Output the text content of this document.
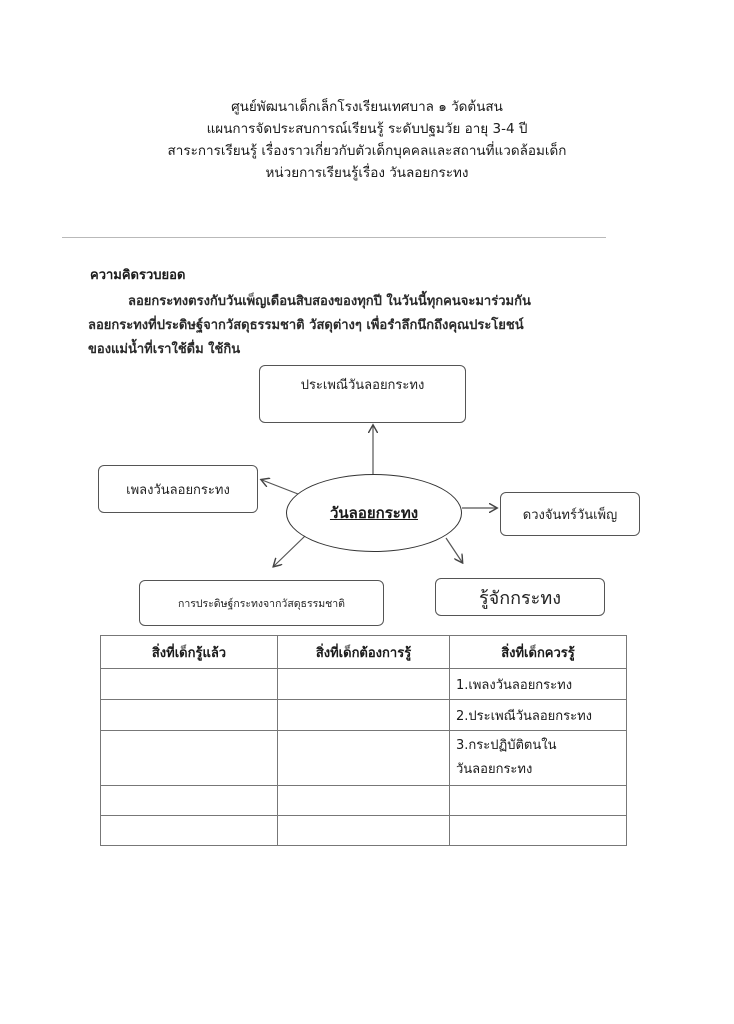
ศูนย์พัฒนาเด็กเล็กโรงเรียนเทศบาล ๑ วัดต้นสน
แผนการจัดประสบการณ์เรียนรู้ ระดับปฐมวัย อายุ 3-4 ปี
สาระการเรียนรู้ เรื่องราวเกี่ยวกับตัวเด็กบุคคลและสถานที่แวดล้อมเด็ก
หน่วยการเรียนรู้เรื่อง วันลอยกระทง
ความคิดรวบยอด
ลอยกระทงตรงกับวันเพ็ญเดือนสิบสองของทุกปี ในวันนี้ทุกคนจะมาร่วมกัน
ลอยกระทงที่ประดิษฐ์จากวัสดุธรรมชาติ วัสดุต่างๆ เพื่อรำลึกนึกถึงคุณประโยชน์
ของแม่น้ำที่เราใช้ดื่ม ใช้กิน
ประเพณีวันลอยกระทง
เพลงวันลอยกระทง
วันลอยกระทง	ดวงจันทร์วันเพ็ญ
การประดิษฐ์กระทงจากวัสดุธรรมชาติ	รู้จักกระทง
สิ่งที่เด็กรู้แล้ว	สิ่งที่เด็กต้องการรู้	สิ่งที่เด็กควรรู้
		1.เพลงวันลอยกระทง
		2.ประเพณีวันลอยกระทง

		3.กระปฏิบัติตนใน
วันลอยกระทง
